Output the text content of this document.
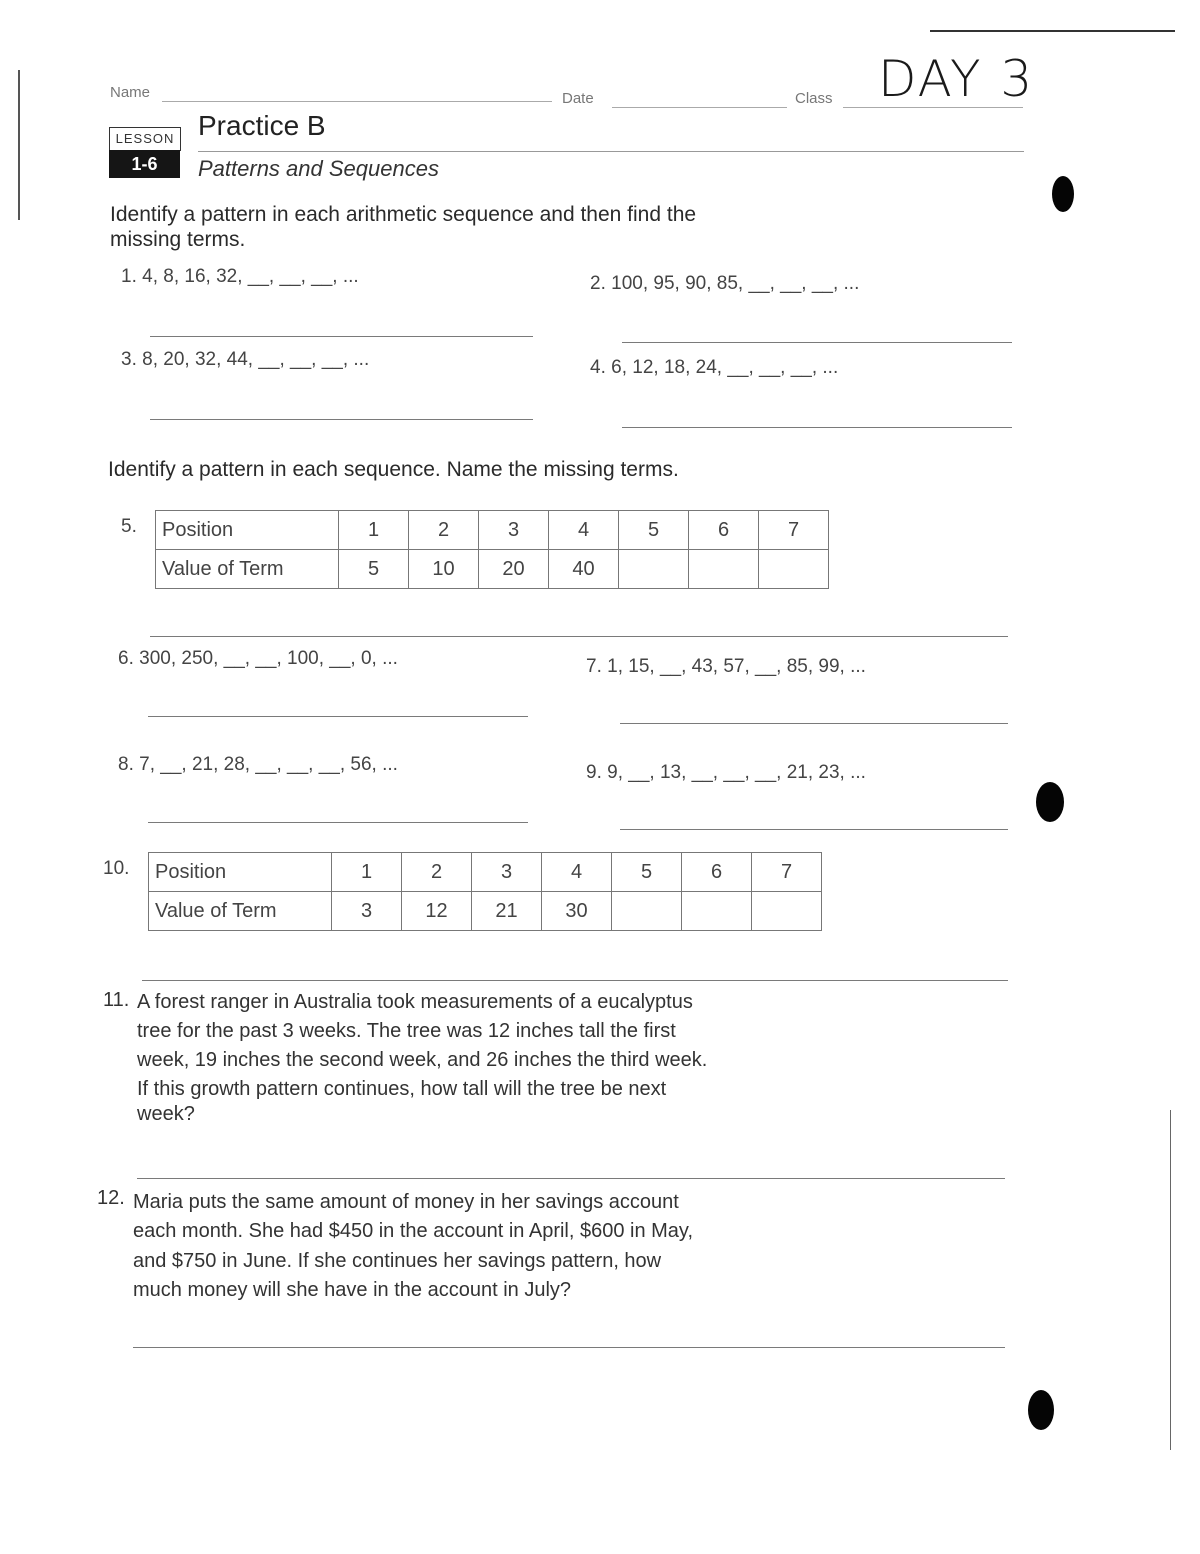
Name	Date	Class DAY 3
LESSON
1-6
Practice B
Patterns and Sequences
Identify a pattern in each arithmetic sequence and then find the
missing terms.
1. 4, 8, 16, 32, __, __, __, ...	2. 100, 95, 90, 85, __, __, __, ...
3. 8, 20, 32, 44, __, __, __, ...	4. 6, 12, 18, 24, __, __, __, ...
Identify a pattern in each sequence. Name the missing terms.
5. Position	1	2	3	4	5	6	7
Value of Term	5	10	20	40			
6. 300, 250, __, __, 100, __, 0, ...	7. 1, 15, __, 43, 57, __, 85, 99, ...
8. 7, __, 21, 28, __, __, __, 56, ...	9. 9, __, 13, __, __, __, 21, 23, ...
10. Position	1	2	3	4	5	6	7
Value of Term	3	12	21	30			
11. A forest ranger in Australia took measurements of a eucalyptus
tree for the past 3 weeks. The tree was 12 inches tall the first
week, 19 inches the second week, and 26 inches the third week.
If this growth pattern continues, how tall will the tree be next
week?
12. Maria puts the same amount of money in her savings account
each month. She had $450 in the account in April, $600 in May,
and $750 in June. If she continues her savings pattern, how
much money will she have in the account in July?
